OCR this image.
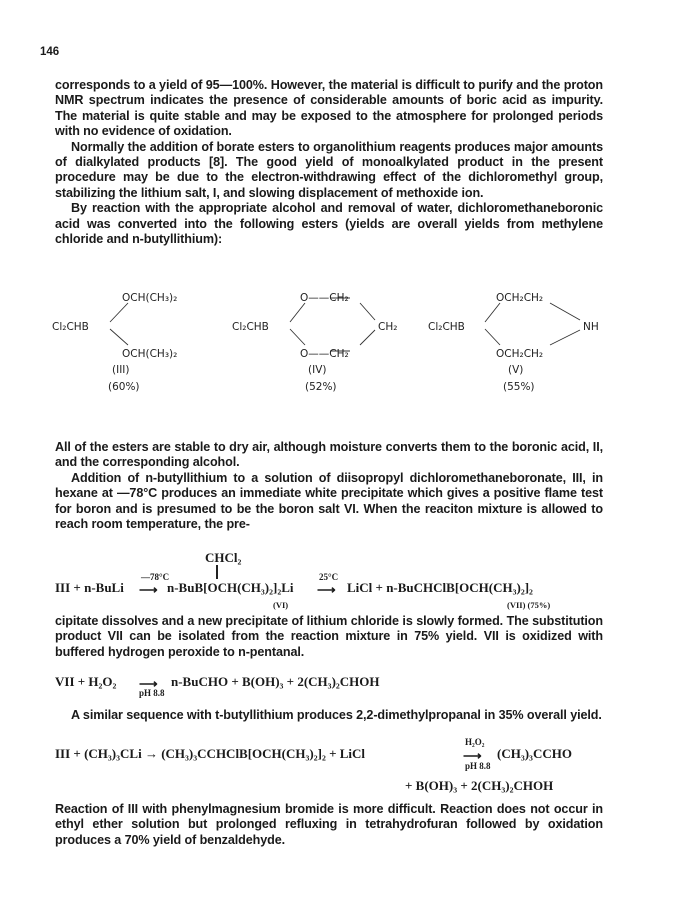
146

corresponds to a yield of 95—100%. However, the material is difficult to purify and the proton NMR spectrum indicates the presence of considerable amounts of boric acid as impurity. The material is quite stable and may be exposed to the atmosphere for prolonged periods with no evidence of oxidation.

Normally the addition of borate esters to organolithium reagents produces major amounts of dialkylated products [8]. The good yield of monoalkylated product in the present procedure may be due to the electron-withdrawing effect of the dichloromethyl group, stabilizing the lithium salt, I, and slowing displacement of methoxide ion.

By reaction with the appropriate alcohol and removal of water, dichloromethaneboronic acid was converted into the following esters (yields are overall yields from methylene chloride and n-butyllithium):

OCH(CH₃)₂
Cl₂CHB
OCH(CH₃)₂
(60%)
(III)
O——CH₂
Cl₂CHB
O——CH₂
CH₂
(IV)
(52%)
OCH₂CH₂
Cl₂CHB
OCH₂CH₂
NH
(V)
(55%)

All of the esters are stable to dry air, although moisture converts them to the boronic acid, II, and the corresponding alcohol.

Addition of n-butyllithium to a solution of diisopropyl dichloromethaneboronate, III, in hexane at —78°C produces an immediate white precipitate which gives a positive flame test for boron and is presumed to be the boron salt VI. When the reaciton mixture is allowed to reach room temperature, the pre-

CHCl₂
III + n-BuLi
—78°C
⟶ n-BuB[OCH(CH₃)₂]₂Li
25°C
⟶ LiCl + n-BuCHClB[OCH(CH₃)₂]₂
(VI)	(VII) (75%)

cipitate dissolves and a new precipitate of lithium chloride is slowly formed. The substitution product VII can be isolated from the reaction mixture in 75% yield. VII is oxidized with buffered hydrogen peroxide to n-pentanal.

VII + H₂O₂ ⟶
pH 8.8
n-BuCHO + B(OH)₃ + 2(CH₃)₂CHOH

A similar sequence with t-butyllithium produces 2,2-dimethylpropanal in 35% overall yield.

III + (CH₃)₃CLi → (CH₃)₃CCHClB[OCH(CH₃)₂]₂ + LiCl
H₂O₂
⟶
pH 8.8
(CH₃)₃CCHO
+ B(OH)₃ + 2(CH₃)₂CHOH

Reaction of III with phenylmagnesium bromide is more difficult. Reaction does not occur in ethyl ether solution but prolonged refluxing in tetrahydrofuran followed by oxidation produces a 70% yield of benzaldehyde.
